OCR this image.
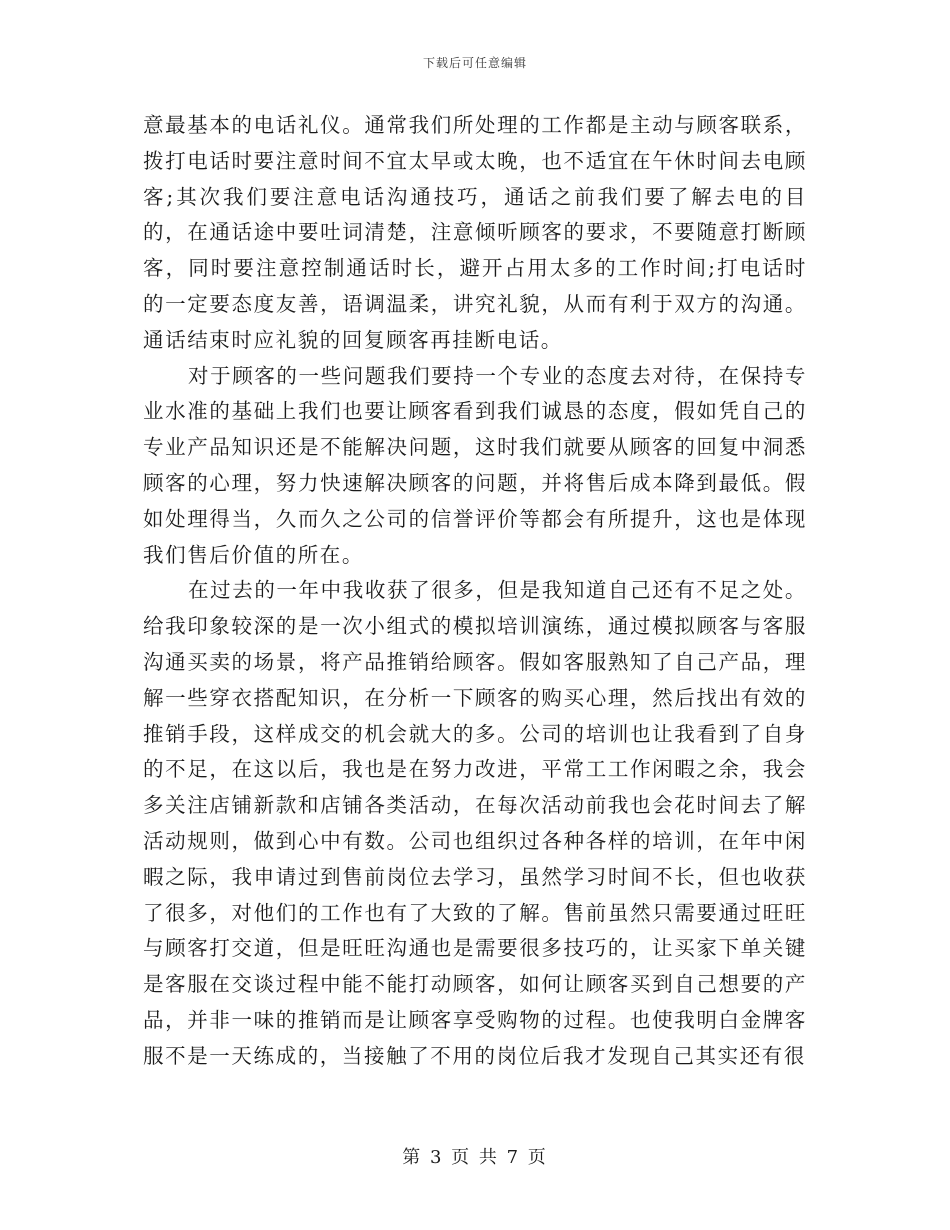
下载后可任意编辑

意最基本的电话礼仪。通常我们所处理的工作都是主动与顾客联系，拨打电话时要注意时间不宜太早或太晚，也不适宜在午休时间去电顾客;其次我们要注意电话沟通技巧，通话之前我们要了解去电的目的，在通话途中要吐词清楚，注意倾听顾客的要求，不要随意打断顾客，同时要注意控制通话时长，避开占用太多的工作时间;打电话时的一定要态度友善，语调温柔，讲究礼貌，从而有利于双方的沟通。通话结束时应礼貌的回复顾客再挂断电话。

对于顾客的一些问题我们要持一个专业的态度去对待，在保持专业水准的基础上我们也要让顾客看到我们诚恳的态度，假如凭自己的专业产品知识还是不能解决问题，这时我们就要从顾客的回复中洞悉顾客的心理，努力快速解决顾客的问题，并将售后成本降到最低。假如处理得当，久而久之公司的信誉评价等都会有所提升，这也是体现我们售后价值的所在。

在过去的一年中我收获了很多，但是我知道自己还有不足之处。给我印象较深的是一次小组式的模拟培训演练，通过模拟顾客与客服沟通买卖的场景，将产品推销给顾客。假如客服熟知了自己产品，理解一些穿衣搭配知识，在分析一下顾客的购买心理，然后找出有效的推销手段，这样成交的机会就大的多。公司的培训也让我看到了自身的不足，在这以后，我也是在努力改进，平常工工作闲暇之余，我会多关注店铺新款和店铺各类活动，在每次活动前我也会花时间去了解活动规则，做到心中有数。公司也组织过各种各样的培训，在年中闲暇之际，我申请过到售前岗位去学习，虽然学习时间不长，但也收获了很多，对他们的工作也有了大致的了解。售前虽然只需要通过旺旺与顾客打交道，但是旺旺沟通也是需要很多技巧的，让买家下单关键是客服在交谈过程中能不能打动顾客，如何让顾客买到自己想要的产品，并非一味的推销而是让顾客享受购物的过程。也使我明白金牌客服不是一天练成的，当接触了不用的岗位后我才发现自己其实还有很

第 3 页 共 7 页
